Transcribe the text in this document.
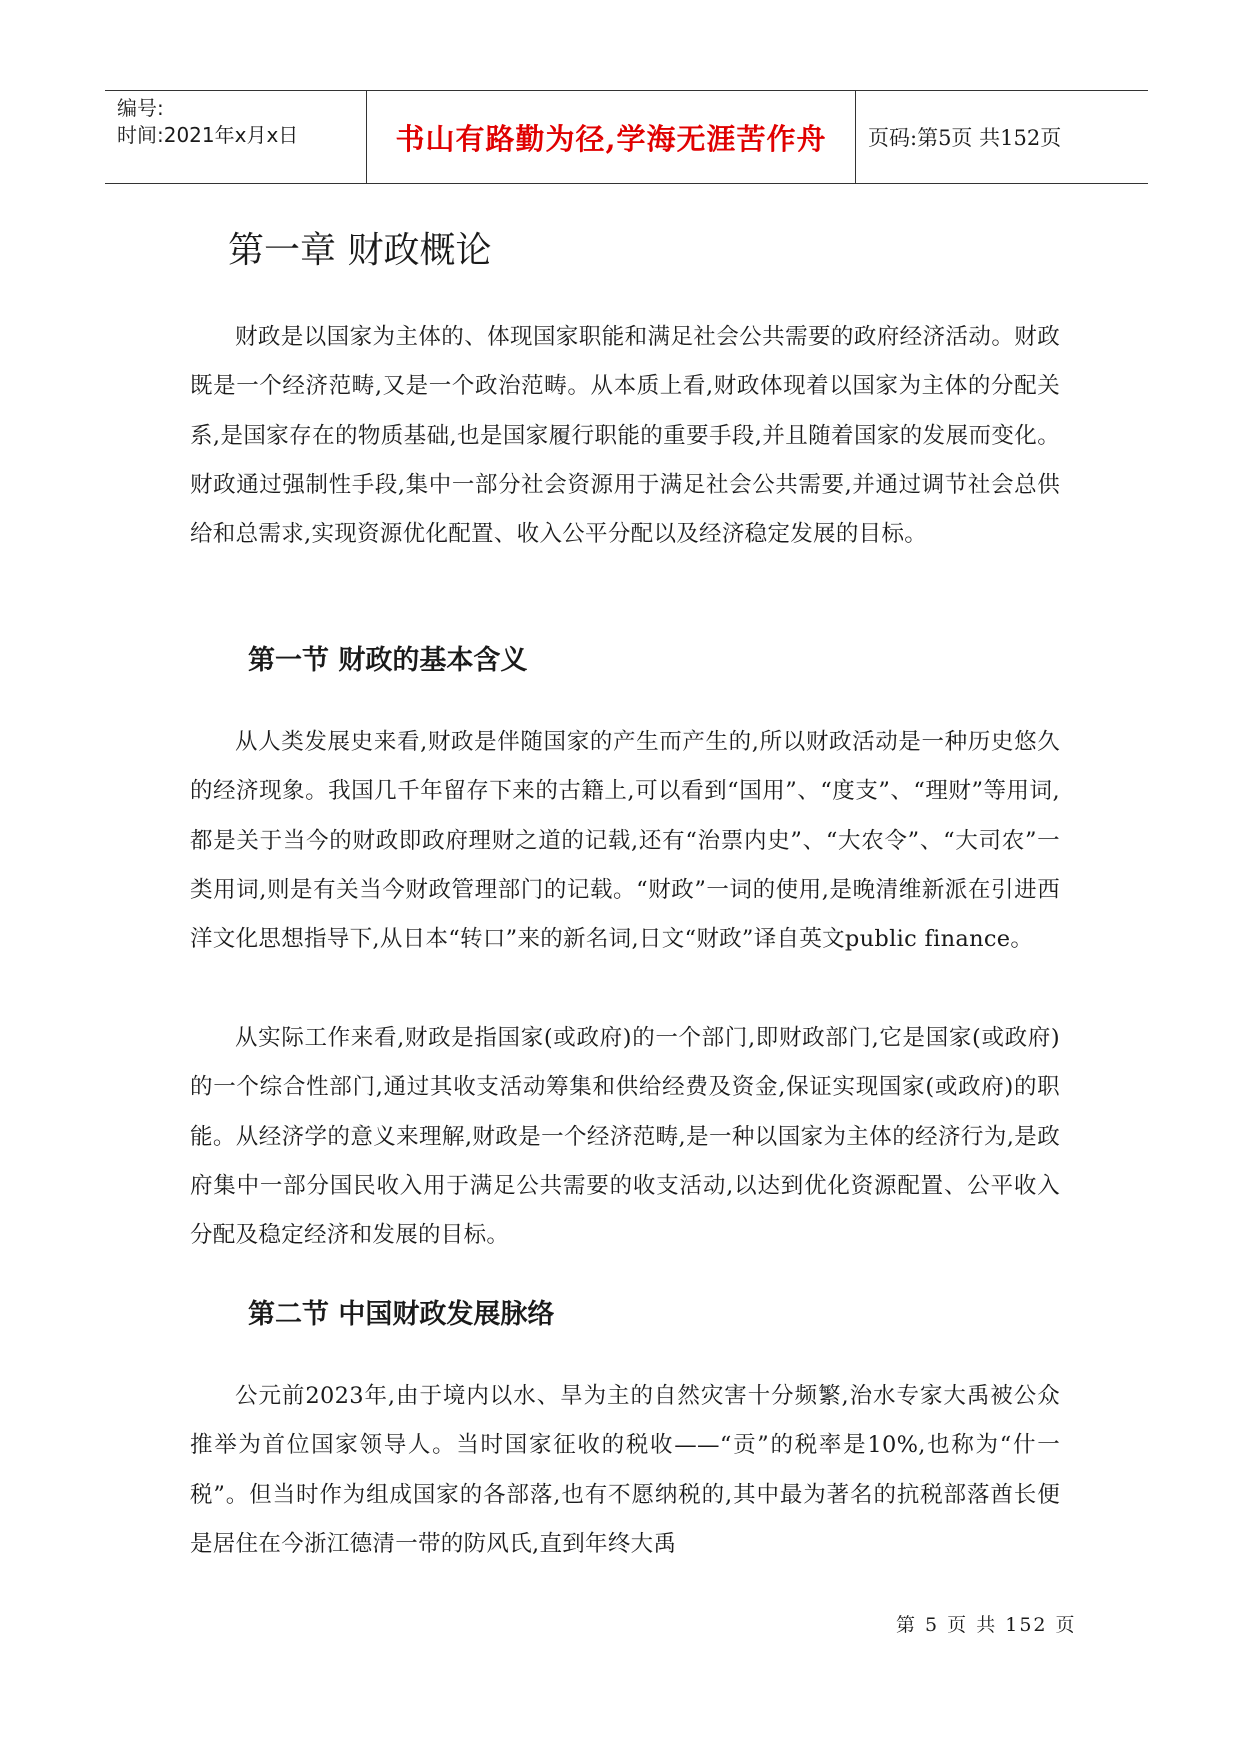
编号:
时间:2021年x月x日	书山有路勤为径,学海无涯苦作舟	页码:第5页 共152页
第一章 财政概论

财政是以国家为主体的、体现国家职能和满足社会公共需要的政府经济活动。财政既是一个经济范畴,又是一个政治范畴。从本质上看,财政体现着以国家为主体的分配关系,是国家存在的物质基础,也是国家履行职能的重要手段,并且随着国家的发展而变化。财政通过强制性手段,集中一部分社会资源用于满足社会公共需要,并通过调节社会总供给和总需求,实现资源优化配置、收入公平分配以及经济稳定发展的目标。

第一节 财政的基本含义

从人类发展史来看,财政是伴随国家的产生而产生的,所以财政活动是一种历史悠久的经济现象。我国几千年留存下来的古籍上,可以看到“国用”、“度支”、“理财”等用词,都是关于当今的财政即政府理财之道的记载,还有“治票内史”、“大农令”、“大司农”一类用词,则是有关当今财政管理部门的记载。“财政”一词的使用,是晚清维新派在引进西洋文化思想指导下,从日本“转口”来的新名词,日文“财政”译自英文public finance。

从实际工作来看,财政是指国家(或政府)的一个部门,即财政部门,它是国家(或政府)的一个综合性部门,通过其收支活动筹集和供给经费及资金,保证实现国家(或政府)的职能。从经济学的意义来理解,财政是一个经济范畴,是一种以国家为主体的经济行为,是政府集中一部分国民收入用于满足公共需要的收支活动,以达到优化资源配置、公平收入分配及稳定经济和发展的目标。

第二节 中国财政发展脉络

公元前2023年,由于境内以水、旱为主的自然灾害十分频繁,治水专家大禹被公众推举为首位国家领导人。当时国家征收的税收——“贡”的税率是10%,也称为“什一税”。但当时作为组成国家的各部落,也有不愿纳税的,其中最为著名的抗税部落酋长便是居住在今浙江德清一带的防风氏,直到年终大禹

第 5 页 共 152 页
